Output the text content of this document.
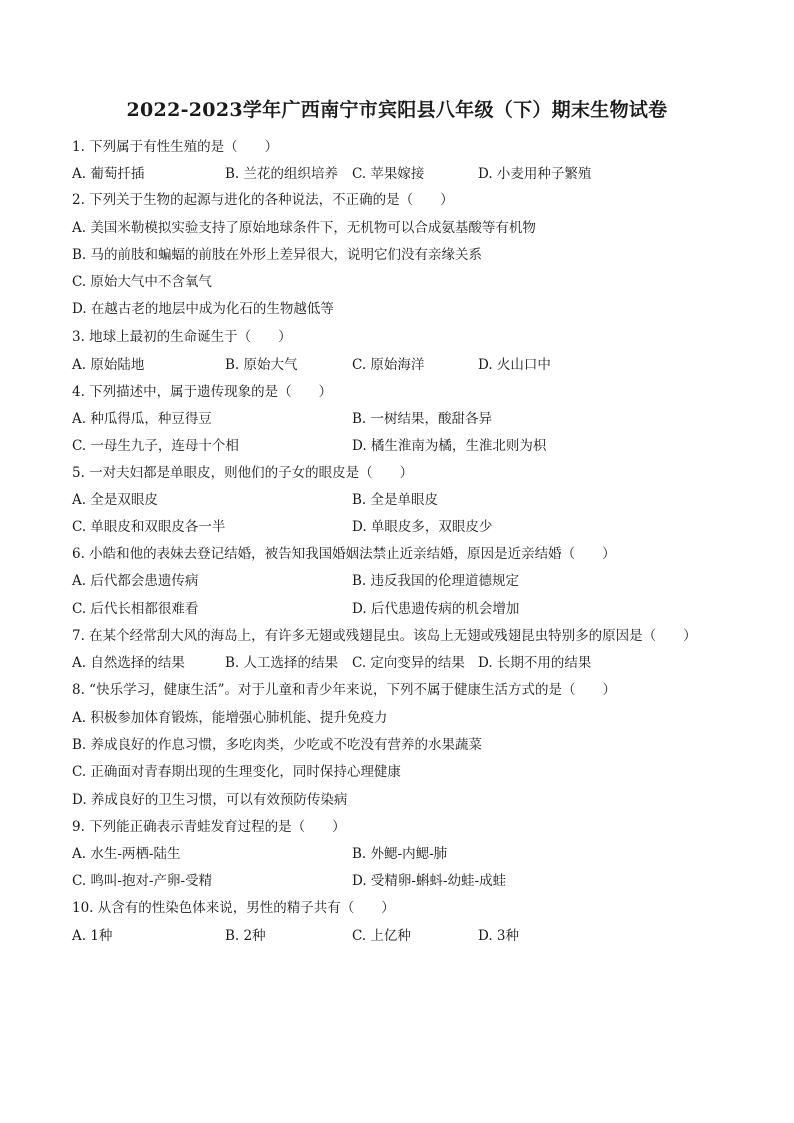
2022-2023学年广西南宁市宾阳县八年级（下）期末生物试卷
1. 下列属于有性生殖的是（　　）
A. 葡萄扦插	B. 兰花的组织培养 C. 苹果嫁接	D. 小麦用种子繁殖
2. 下列关于生物的起源与进化的各种说法，不正确的是（　　）
A. 美国米勒模拟实验支持了原始地球条件下，无机物可以合成氨基酸等有机物
B. 马的前肢和蝙蝠的前肢在外形上差异很大，说明它们没有亲缘关系
C. 原始大气中不含氧气
D. 在越古老的地层中成为化石的生物越低等
3. 地球上最初的生命诞生于（　　）
A. 原始陆地	B. 原始大气	C. 原始海洋	D. 火山口中
4. 下列描述中，属于遗传现象的是（　　）
A. 种瓜得瓜，种豆得豆	B. 一树结果，酸甜各异
C. 一母生九子，连母十个相	D. 橘生淮南为橘，生淮北则为枳
5. 一对夫妇都是单眼皮，则他们的子女的眼皮是（　　）
A. 全是双眼皮	B. 全是单眼皮
C. 单眼皮和双眼皮各一半	D. 单眼皮多，双眼皮少
6. 小皓和他的表妹去登记结婚，被告知我国婚姻法禁止近亲结婚，原因是近亲结婚（　　）
A. 后代都会患遗传病	B. 违反我国的伦理道德规定
C. 后代长相都很难看	D. 后代患遗传病的机会增加
7. 在某个经常刮大风的海岛上，有许多无翅或残翅昆虫。该岛上无翅或残翅昆虫特别多的原因是（　　）
A. 自然选择的结果	B. 人工选择的结果 C. 定向变异的结果 D. 长期不用的结果
8. “快乐学习，健康生活”。对于儿童和青少年来说，下列不属于健康生活方式的是（　　）
A. 积极参加体育锻炼，能增强心肺机能、提升免疫力
B. 养成良好的作息习惯，多吃肉类，少吃或不吃没有营养的水果蔬菜
C. 正确面对青春期出现的生理变化，同时保持心理健康
D. 养成良好的卫生习惯，可以有效预防传染病
9. 下列能正确表示青蛙发育过程的是（　　）
A. 水生-两栖-陆生	B. 外鳃-内鳃-肺
C. 鸣叫-抱对-产卵-受精	D. 受精卵-蝌蚪-幼蛙-成蛙
10. 从含有的性染色体来说，男性的精子共有（　　）
A. 1种	B. 2种	C. 上亿种	D. 3种
